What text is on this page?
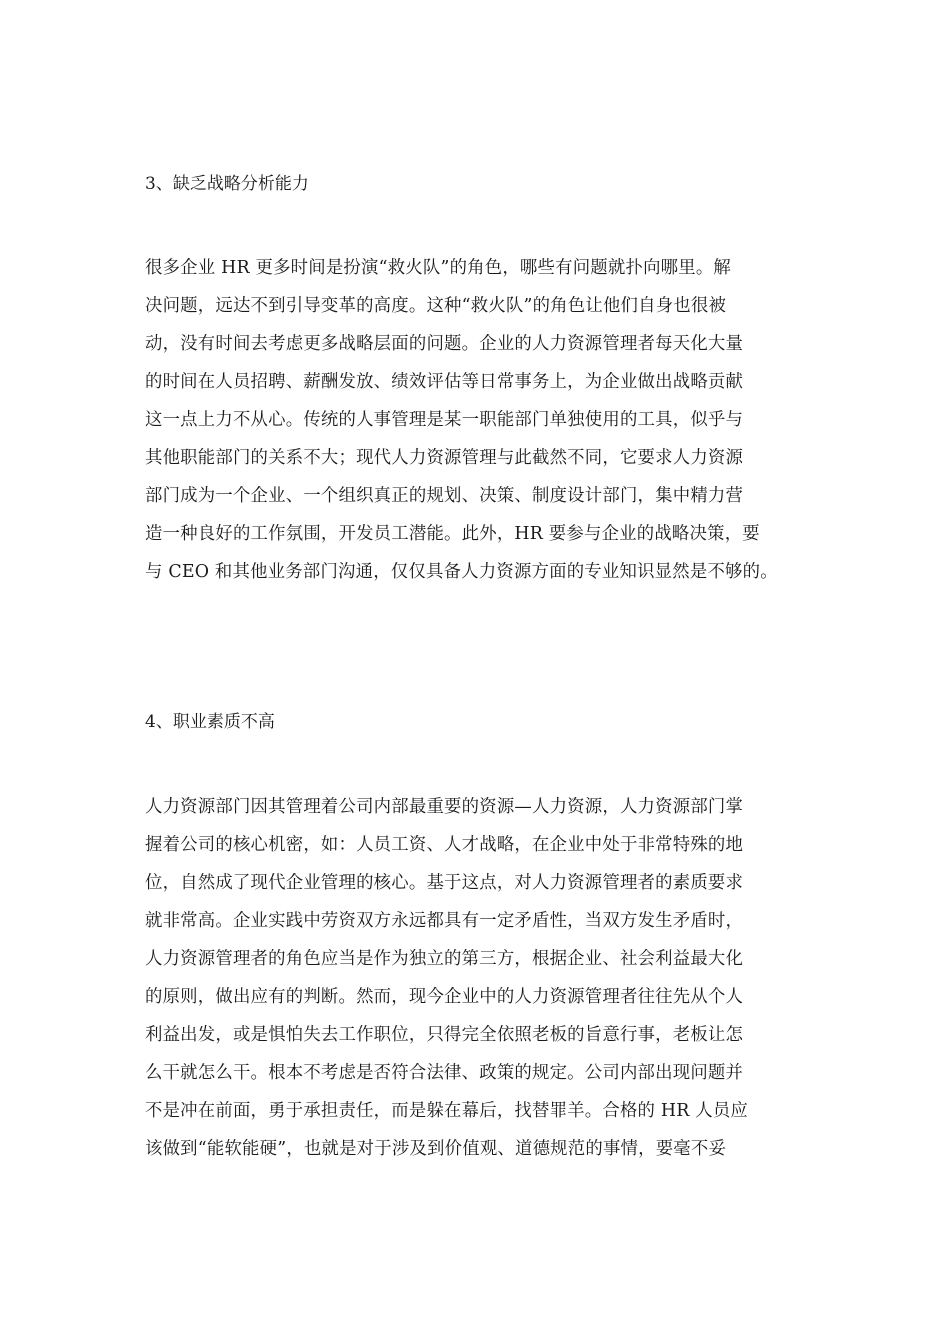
3、缺乏战略分析能力
很多企业 HR 更多时间是扮演“救火队”的角色，哪些有问题就扑向哪里。解
决问题，远达不到引导变革的高度。这种“救火队”的角色让他们自身也很被
动，没有时间去考虑更多战略层面的问题。企业的人力资源管理者每天化大量
的时间在人员招聘、薪酬发放、绩效评估等日常事务上，为企业做出战略贡献
这一点上力不从心。传统的人事管理是某一职能部门单独使用的工具，似乎与
其他职能部门的关系不大；现代人力资源管理与此截然不同，它要求人力资源
部门成为一个企业、一个组织真正的规划、决策、制度设计部门，集中精力营
造一种良好的工作氛围，开发员工潜能。此外，HR 要参与企业的战略决策，要
与 CEO 和其他业务部门沟通，仅仅具备人力资源方面的专业知识显然是不够的。
4、职业素质不高
人力资源部门因其管理着公司内部最重要的资源—人力资源，人力资源部门掌
握着公司的核心机密，如：人员工资、人才战略，在企业中处于非常特殊的地
位，自然成了现代企业管理的核心。基于这点，对人力资源管理者的素质要求
就非常高。企业实践中劳资双方永远都具有一定矛盾性，当双方发生矛盾时，
人力资源管理者的角色应当是作为独立的第三方，根据企业、社会利益最大化
的原则，做出应有的判断。然而，现今企业中的人力资源管理者往往先从个人
利益出发，或是惧怕失去工作职位，只得完全依照老板的旨意行事，老板让怎
么干就怎么干。根本不考虑是否符合法律、政策的规定。公司内部出现问题并
不是冲在前面，勇于承担责任，而是躲在幕后，找替罪羊。合格的 HR 人员应
该做到“能软能硬”，也就是对于涉及到价值观、道德规范的事情，要毫不妥
